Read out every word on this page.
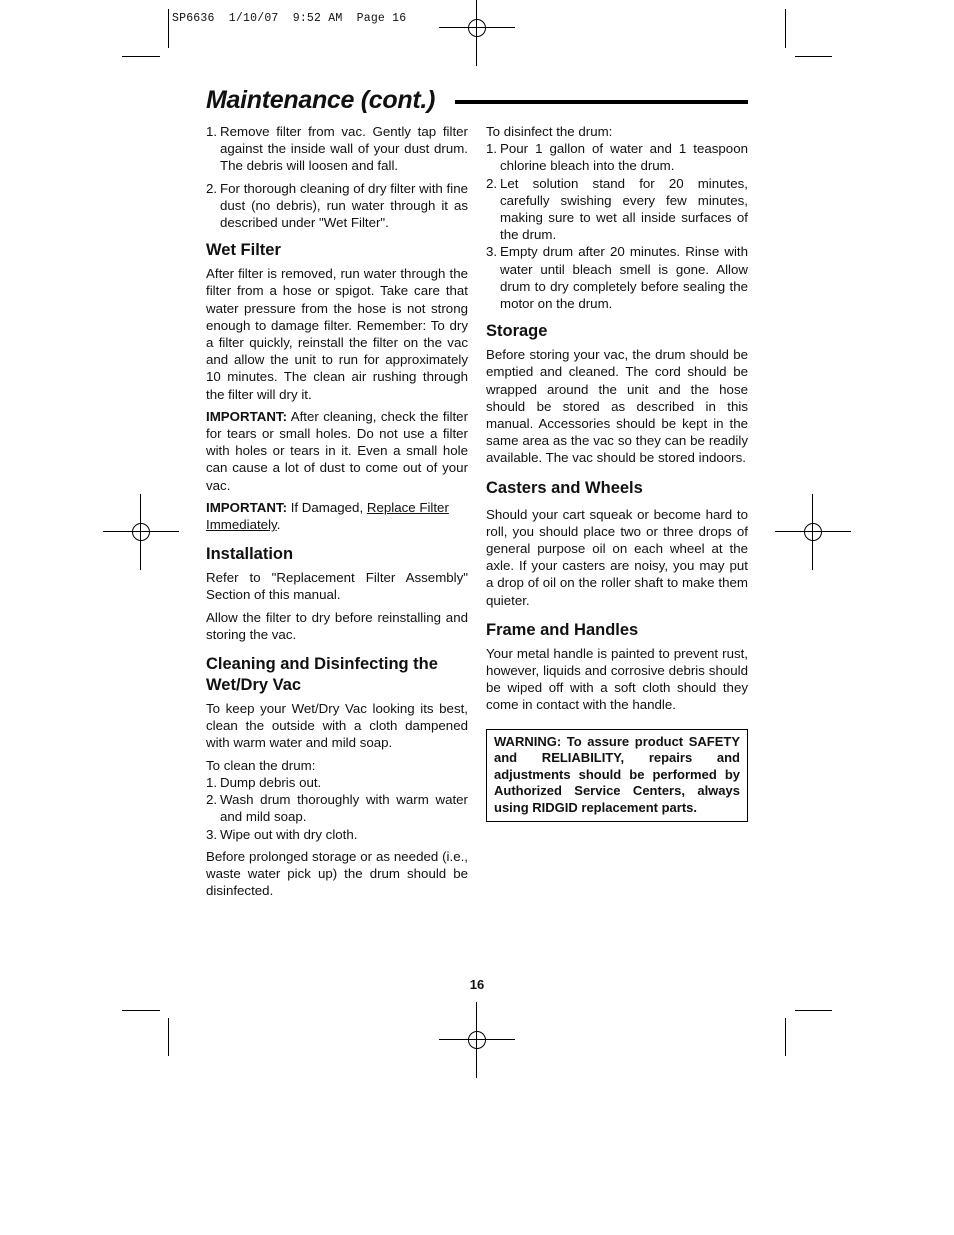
SP6636  1/10/07  9:52 AM  Page 16
Maintenance (cont.)
1. Remove filter from vac. Gently tap filter against the inside wall of your dust drum. The debris will loosen and fall.
2. For thorough cleaning of dry filter with fine dust (no debris), run water through it as described under "Wet Filter".
Wet Filter

After filter is removed, run water through the filter from a hose or spigot. Take care that water pressure from the hose is not strong enough to damage filter. Remember: To dry a filter quickly, reinstall the filter on the vac and allow the unit to run for approximately 10 minutes. The clean air rushing through the filter will dry it.

IMPORTANT: After cleaning, check the filter for tears or small holes. Do not use a filter with holes or tears in it. Even a small hole can cause a lot of dust to come out of your vac.

IMPORTANT: If Damaged, Replace Filter Immediately.

Installation

Refer to "Replacement Filter Assembly" Section of this manual.

Allow the filter to dry before reinstalling and storing the vac.

Cleaning and Disinfecting the Wet/Dry Vac

To keep your Wet/Dry Vac looking its best, clean the outside with a cloth dampened with warm water and mild soap.

To clean the drum:

1. Dump debris out.
2. Wash drum thoroughly with warm water and mild soap.
3. Wipe out with dry cloth.

Before prolonged storage or as needed (i.e., waste water pick up) the drum should be disinfected.

To disinfect the drum:

1. Pour 1 gallon of water and 1 teaspoon chlorine bleach into the drum.
2. Let solution stand for 20 minutes, carefully swishing every few minutes, making sure to wet all inside surfaces of the drum.
3. Empty drum after 20 minutes. Rinse with water until bleach smell is gone. Allow drum to dry completely before sealing the motor on the drum.
Storage

Before storing your vac, the drum should be emptied and cleaned. The cord should be wrapped around the unit and the hose should be stored as described in this manual. Accessories should be kept in the same area as the vac so they can be readily available. The vac should be stored indoors.

Casters and Wheels

Should your cart squeak or become hard to roll, you should place two or three drops of general purpose oil on each wheel at the axle. If your casters are noisy, you may put a drop of oil on the roller shaft to make them quieter.

Frame and Handles

Your metal handle is painted to prevent rust, however, liquids and corrosive debris should be wiped off with a soft cloth should they come in contact with the handle.

WARNING: To assure product SAFETY and RELIABILITY, repairs and adjustments should be performed by Authorized Service Centers, always using RIDGID replacement parts.
16
